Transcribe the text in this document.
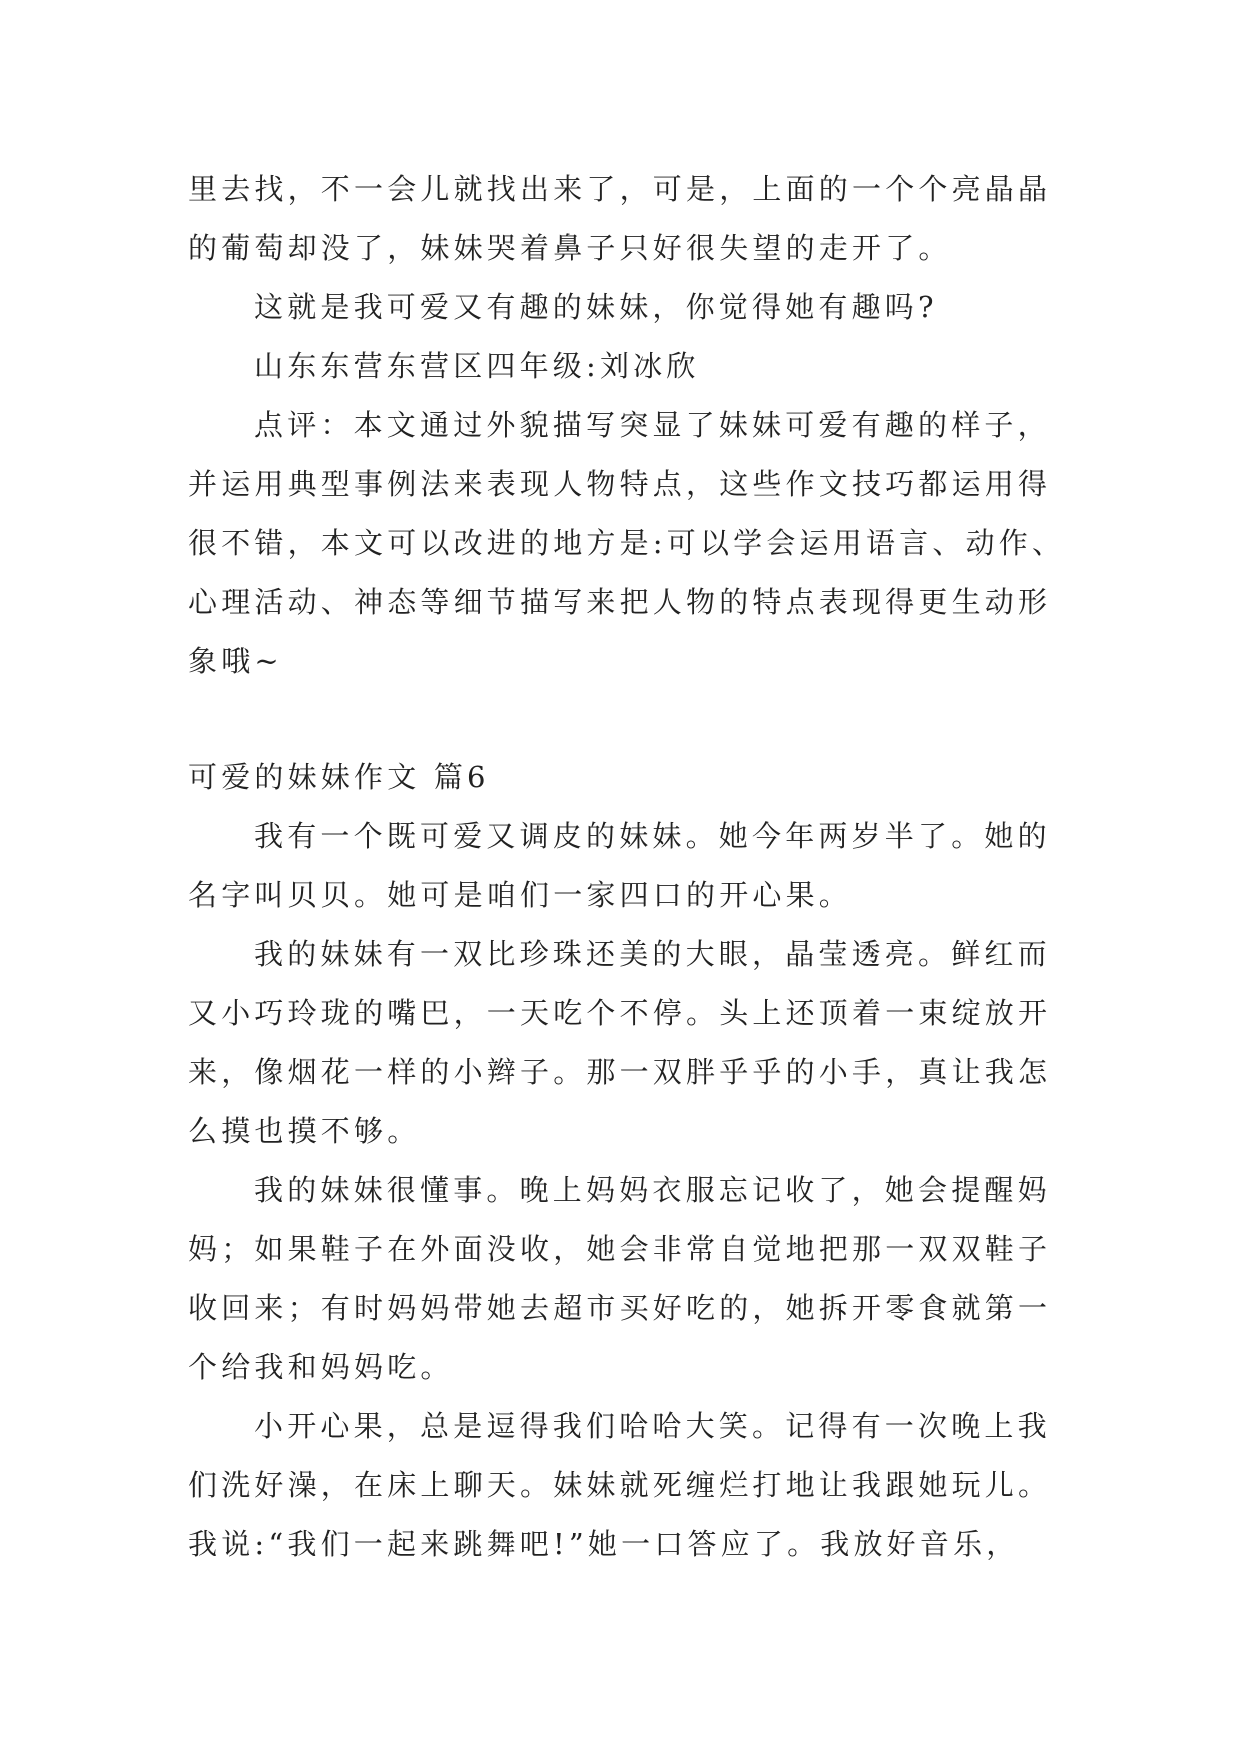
里去找，不一会儿就找出来了，可是，上面的一个个亮晶晶
的葡萄却没了，妹妹哭着鼻子只好很失望的走开了。
这就是我可爱又有趣的妹妹，你觉得她有趣吗?
山东东营东营区四年级:刘冰欣
点评：本文通过外貌描写突显了妹妹可爱有趣的样子，
并运用典型事例法来表现人物特点，这些作文技巧都运用得
很不错，本文可以改进的地方是:可以学会运用语言、动作、
心理活动、神态等细节描写来把人物的特点表现得更生动形
象哦~
可爱的妹妹作文 篇6
我有一个既可爱又调皮的妹妹。她今年两岁半了。她的
名字叫贝贝。她可是咱们一家四口的开心果。
我的妹妹有一双比珍珠还美的大眼，晶莹透亮。鲜红而
又小巧玲珑的嘴巴，一天吃个不停。头上还顶着一束绽放开
来，像烟花一样的小辫子。那一双胖乎乎的小手，真让我怎
么摸也摸不够。
我的妹妹很懂事。晚上妈妈衣服忘记收了，她会提醒妈
妈；如果鞋子在外面没收，她会非常自觉地把那一双双鞋子
收回来；有时妈妈带她去超市买好吃的，她拆开零食就第一
个给我和妈妈吃。
小开心果，总是逗得我们哈哈大笑。记得有一次晚上我
们洗好澡，在床上聊天。妹妹就死缠烂打地让我跟她玩儿。
我说:“我们一起来跳舞吧!”她一口答应了。我放好音乐，
